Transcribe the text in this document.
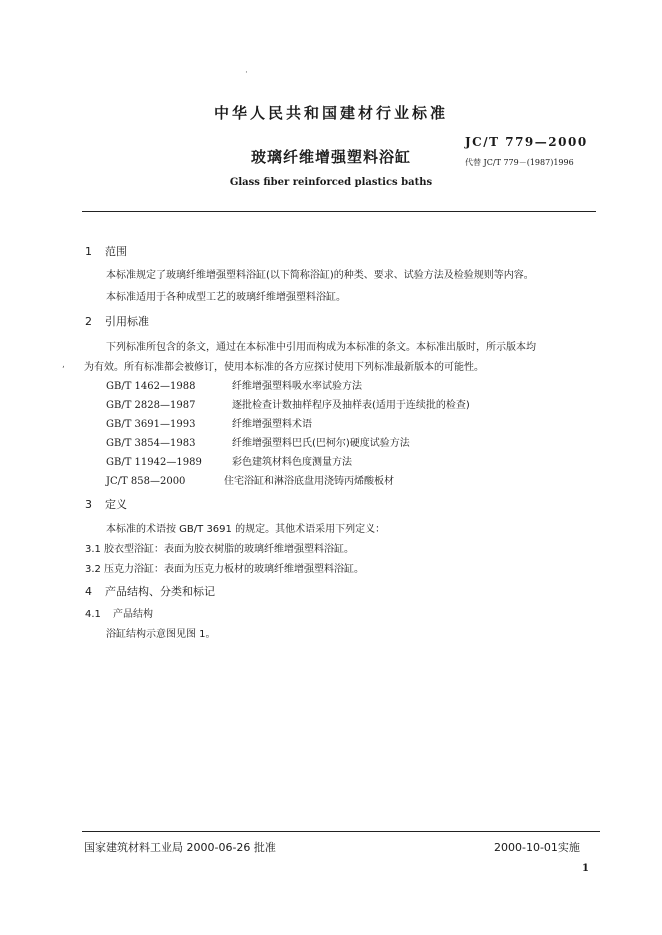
·
,
中华人民共和国建材行业标准
JC/T 779—2000
玻璃纤维增强塑料浴缸	代替 JC/T 779－(1987)1996
Glass fiber reinforced plastics baths
1 范围
本标准规定了玻璃纤维增强塑料浴缸(以下简称浴缸)的种类、要求、试验方法及检验规则等内容。
本标准适用于各种成型工艺的玻璃纤维增强塑料浴缸。
2 引用标准
下列标准所包含的条文，通过在本标准中引用而构成为本标准的条文。本标准出版时，所示版本均
为有效。所有标准都会被修订，使用本标准的各方应探讨使用下列标准最新版本的可能性。
GB/T 1462—1988	纤维增强塑料吸水率试验方法
GB/T 2828—1987	逐批检查计数抽样程序及抽样表(适用于连续批的检查)
GB/T 3691—1993	纤维增强塑料术语
GB/T 3854—1983	纤维增强塑料巴氏(巴柯尔)硬度试验方法
GB/T 11942—1989	彩色建筑材料色度测量方法
JC/T 858—2000	住宅浴缸和淋浴底盘用浇铸丙烯酸板材
3 定义
本标准的术语按 GB/T 3691 的规定。其他术语采用下列定义：
3.1 胶衣型浴缸：表面为胶衣树脂的玻璃纤维增强塑料浴缸。
3.2 压克力浴缸：表面为压克力板材的玻璃纤维增强塑料浴缸。
4 产品结构、分类和标记
4.1 产品结构
浴缸结构示意图见图 1。
国家建筑材料工业局 2000-06-26 批准	2000-10-01实施
1
